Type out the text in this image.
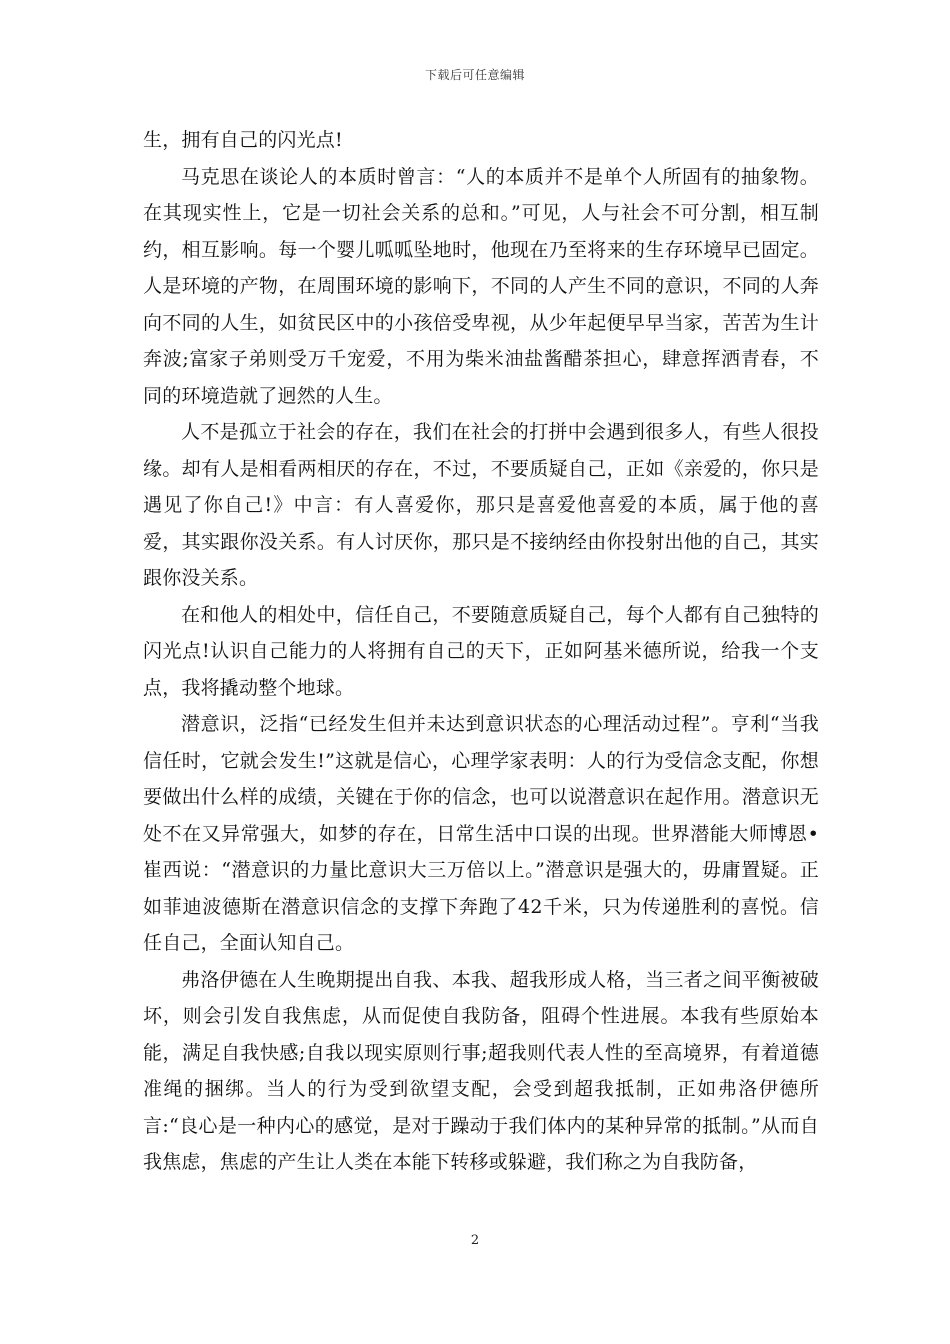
下载后可任意编辑

生，拥有自己的闪光点!

马克思在谈论人的本质时曾言：“人的本质并不是单个人所固有的抽象物。在其现实性上，它是一切社会关系的总和。”可见，人与社会不可分割，相互制约，相互影响。每一个婴儿呱呱坠地时，他现在乃至将来的生存环境早已固定。人是环境的产物，在周围环境的影响下，不同的人产生不同的意识，不同的人奔向不同的人生，如贫民区中的小孩倍受卑视，从少年起便早早当家，苦苦为生计奔波;富家子弟则受万千宠爱，不用为柴米油盐酱醋茶担心，肆意挥洒青春，不同的环境造就了迥然的人生。

人不是孤立于社会的存在，我们在社会的打拼中会遇到很多人，有些人很投缘。却有人是相看两相厌的存在，不过，不要质疑自己，正如《亲爱的，你只是遇见了你自己!》中言：有人喜爱你，那只是喜爱他喜爱的本质，属于他的喜爱，其实跟你没关系。有人讨厌你，那只是不接纳经由你投射出他的自己，其实跟你没关系。

在和他人的相处中，信任自己，不要随意质疑自己，每个人都有自己独特的闪光点!认识自己能力的人将拥有自己的天下，正如阿基米德所说，给我一个支点，我将撬动整个地球。

潜意识，泛指“已经发生但并未达到意识状态的心理活动过程”。亨利“当我信任时，它就会发生!”这就是信心，心理学家表明：人的行为受信念支配，你想要做出什么样的成绩，关键在于你的信念，也可以说潜意识在起作用。潜意识无处不在又异常强大，如梦的存在，日常生活中口误的出现。世界潜能大师博恩•崔西说：“潜意识的力量比意识大三万倍以上。”潜意识是强大的，毋庸置疑。正如菲迪波德斯在潜意识信念的支撑下奔跑了42千米，只为传递胜利的喜悦。信任自己，全面认知自己。

弗洛伊德在人生晚期提出自我、本我、超我形成人格，当三者之间平衡被破坏，则会引发自我焦虑，从而促使自我防备，阻碍个性进展。本我有些原始本能，满足自我快感;自我以现实原则行事;超我则代表人性的至高境界，有着道德准绳的捆绑。当人的行为受到欲望支配，会受到超我抵制，正如弗洛伊德所言:“良心是一种内心的感觉，是对于躁动于我们体内的某种异常的抵制。”从而自我焦虑，焦虑的产生让人类在本能下转移或躲避，我们称之为自我防备，

2
